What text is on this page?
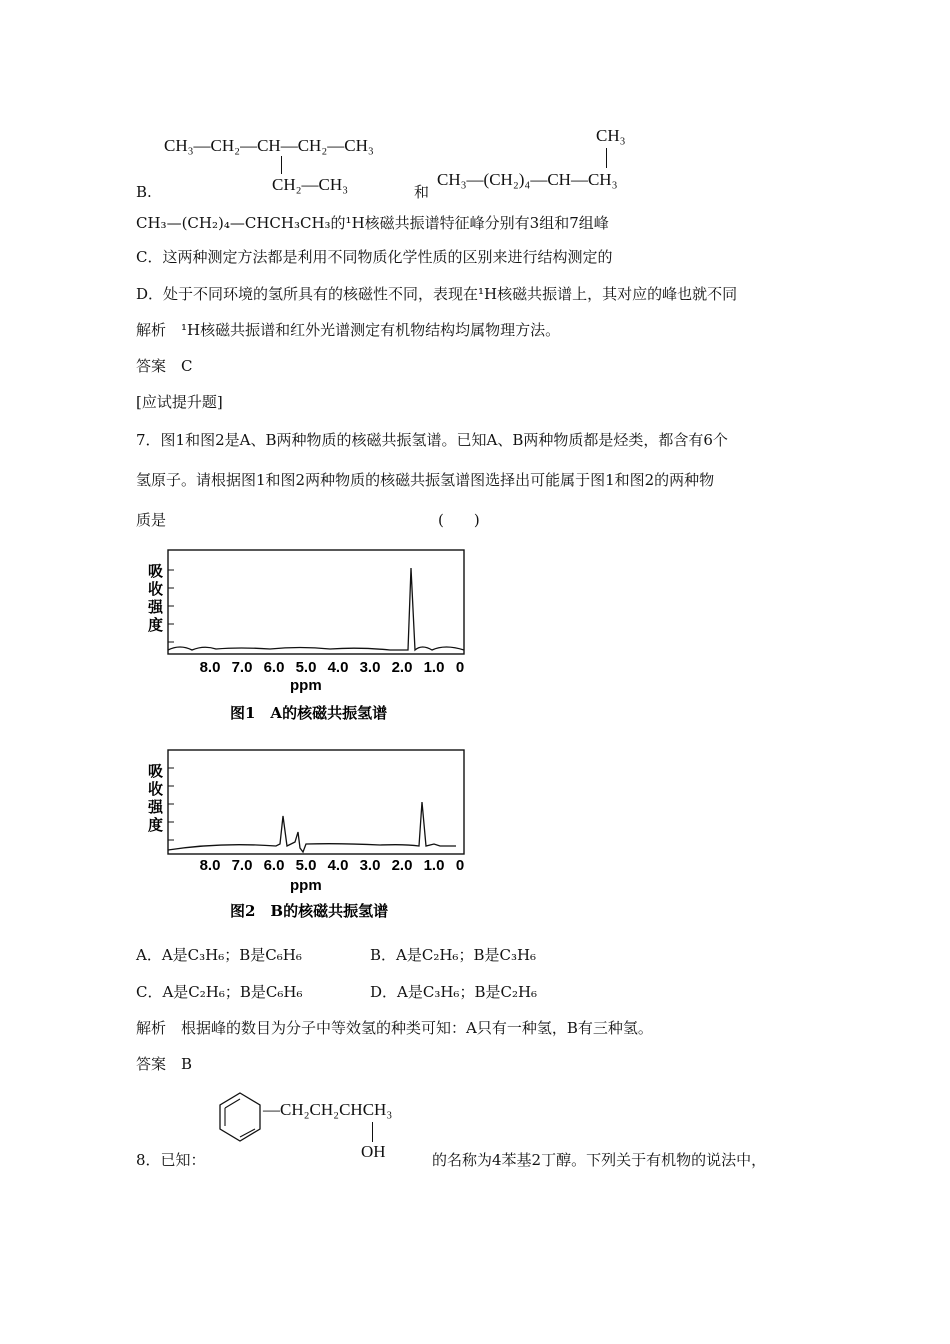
CH₃—CH₂—CH—CH₂—CH₃
CH₂—CH₃
B.	和
CH₃
CH₃—(CH₂)₄—CH—CH₃
CH₃—(CH₂)₄—CHCH₃CH₃的¹H核磁共振谱特征峰分别有3组和7组峰
C．这两种测定方法都是利用不同物质化学性质的区别来进行结构测定的
D．处于不同环境的氢所具有的核磁性不同，表现在¹H核磁共振谱上，其对应的峰也就不同
解析　¹H核磁共振谱和红外光谱测定有机物结构均属物理方法。
答案　C
[应试提升题]
7．图1和图2是A、B两种物质的核磁共振氢谱。已知A、B两种物质都是烃类，都含有6个
氢原子。请根据图1和图2两种物质的核磁共振氢谱图选择出可能属于图1和图2的两种物
质是	(　　)
吸
收
强
度
8.0 7.0 6.0 5.0 4.0 3.0 2.0 1.0 0
ppm
图1　A的核磁共振氢谱
吸
收
强
度
8.0 7.0 6.0 5.0 4.0 3.0 2.0 1.0 0
ppm
图2　B的核磁共振氢谱
A．A是C₃H₆；B是C₆H₆	B．A是C₂H₆；B是C₃H₆
C．A是C₂H₆；B是C₆H₆	D．A是C₃H₆；B是C₂H₆
解析　根据峰的数目为分子中等效氢的种类可知：A只有一种氢，B有三种氢。
答案　B
8．已知：
—CH₂CH₂CHCH₃
OH	的名称为4苯基2丁醇。下列关于有机物的说法中，
